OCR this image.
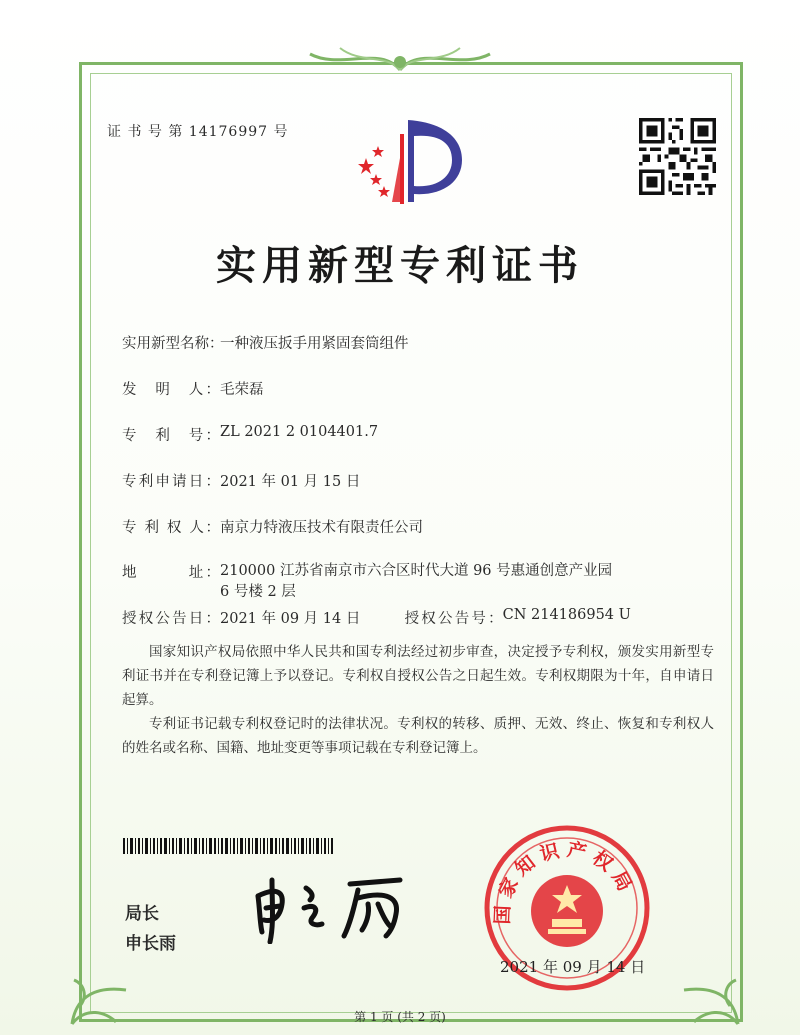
证 书 号 第 14176997 号
实用新型专利证书
实用新型名称：一种液压扳手用紧固套筒组件
发　明　人：毛荣磊
专　利　号：ZL 2021 2 0104401.7
专利申请日：2021 年 01 月 15 日
专 利 权 人：南京力特液压技术有限责任公司
地　　　址：210000 江苏省南京市六合区时代大道 96 号惠通创意产业园 6 号楼 2 层
授权公告日：2021 年 09 月 14 日	授权公告号：CN 214186954 U

国家知识产权局依照中华人民共和国专利法经过初步审查，决定授予专利权，颁发实用新型专利证书并在专利登记簿上予以登记。专利权自授权公告之日起生效。专利权期限为十年，自申请日起算。

专利证书记载专利权登记时的法律状况。专利权的转移、质押、无效、终止、恢复和专利权人的姓名或名称、国籍、地址变更等事项记载在专利登记簿上。

局长
申长雨
国家知识产权局
2021 年 09 月 14 日
第 1 页 (共 2 页)
